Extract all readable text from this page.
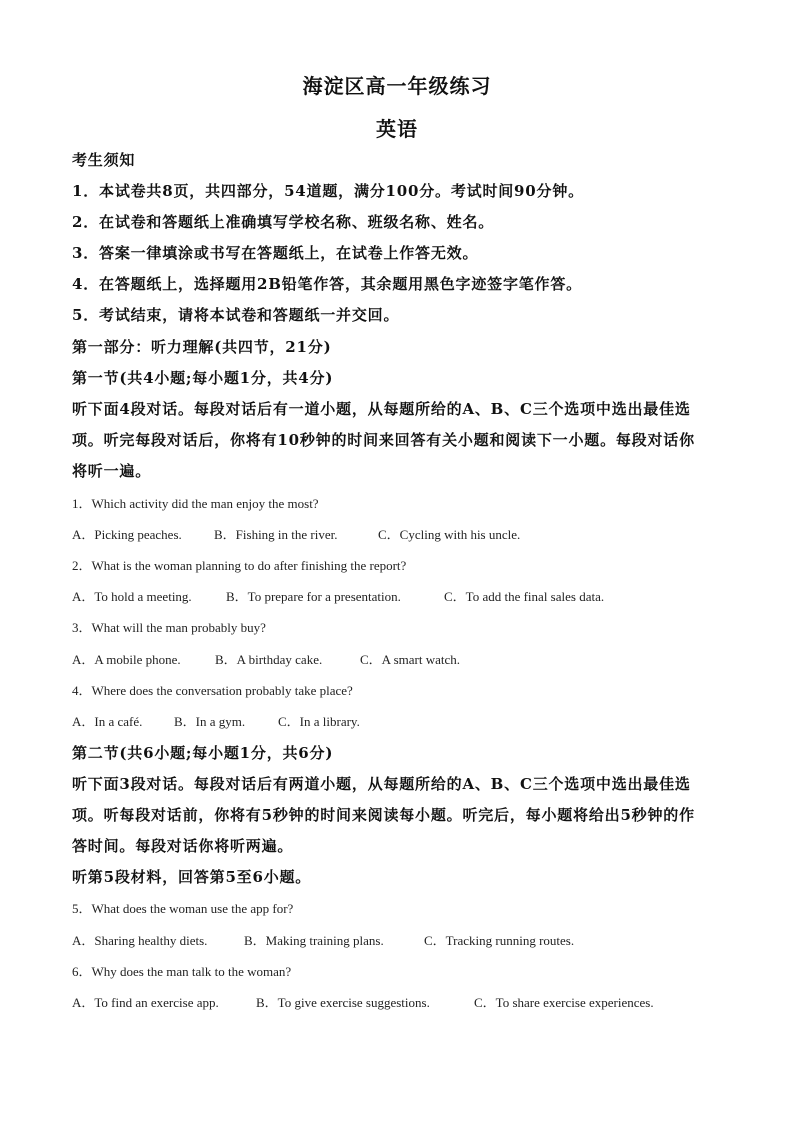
海淀区高一年级练习
英语

考生须知

1．本试卷共8页，共四部分，54道题，满分100分。考试时间90分钟。

2．在试卷和答题纸上准确填写学校名称、班级名称、姓名。

3．答案一律填涂或书写在答题纸上，在试卷上作答无效。

4．在答题纸上，选择题用2B铅笔作答，其余题用黑色字迹签字笔作答。

5．考试结束，请将本试卷和答题纸一并交回。

第一部分：听力理解(共四节，21分)

第一节(共4小题;每小题1分，共4分)

听下面4段对话。每段对话后有一道小题，从每题所给的A、B、C三个选项中选出最佳选

项。听完每段对话后，你将有10秒钟的时间来回答有关小题和阅读下一小题。每段对话你

将听一遍。

1．Which activity did the man enjoy the most?

A．Picking peaches. B．Fishing in the river.	C．Cycling with his uncle.

2．What is the woman planning to do after finishing the report?

A．To hold a meeting.	B．To prepare for a presentation.	C．To add the final sales data.

3．What will the man probably buy?

A．A mobile phone.	B．A birthday cake.	C．A smart watch.

4．Where does the conversation probably take place?

A．In a café. B．In a gym.	C．In a library.

第二节(共6小题;每小题1分，共6分)

听下面3段对话。每段对话后有两道小题，从每题所给的A、B、C三个选项中选出最佳选

项。听每段对话前，你将有5秒钟的时间来阅读每小题。听完后，每小题将给出5秒钟的作

答时间。每段对话你将听两遍。

听第5段材料，回答第5至6小题。

5．What does the woman use the app for?

A．Sharing healthy diets.	B．Making training plans.	C．Tracking running routes.

6．Why does the man talk to the woman?

A．To find an exercise app.	B．To give exercise suggestions.	C．To share exercise experiences.
